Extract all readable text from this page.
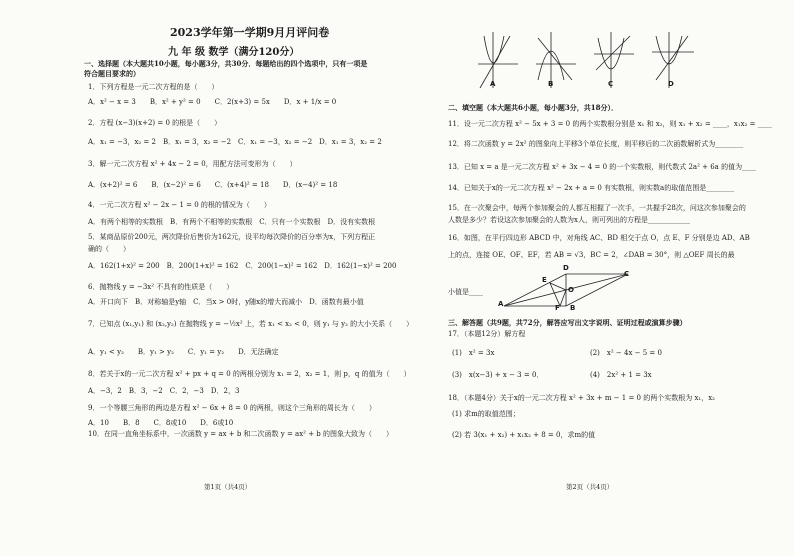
2023学年第一学期9月月评问卷
九 年 级 数学（满分120分）
一、选择题（本大题共10小题，每小题3分，共30分．每题给出的四个选项中，只有一项是
符合题目要求的）
1．下列方程是一元二次方程的是（　　）
A．x² − x = 3　　B．x² + y² = 0　　C．2(x+3) = 5x　　D．x + 1/x = 0
2．方程 (x−3)(x+2) = 0 的根是（　　）
A．x₁ = −3，x₂ = 2　B．x₁ = 3，x₂ = −2　C．x₁ = −3，x₂ = −2　D．x₁ = 3，x₂ = 2
3．解一元二次方程 x² + 4x − 2 = 0，用配方法可变形为（　　）
A．(x+2)² = 6　　B．(x−2)² = 6　　C．(x+4)² = 18　　D．(x−4)² = 18
4．一元二次方程 x² − 2x − 1 = 0 的根的情况为（　　）
A．有两个相等的实数根　B．有两个不相等的实数根　C．只有一个实数根　D．没有实数根
5．某商品原价200元，两次降价后售价为162元，设平均每次降价的百分率为x，下列方程正
确的（　　）
A．162(1+x)² = 200　B．200(1+x)² = 162　C．200(1−x)² = 162　D．162(1−x)² = 200
6．抛物线 y = −3x² 不具有的性质是（　　）
A．开口向下　B．对称轴是y轴　C．当x > 0时，y随x的增大而减小　D．函数有最小值
7．已知点 (x₁,y₁) 和 (x₂,y₂) 在抛物线 y = −½x² 上，若 x₁ < x₂ < 0，则 y₁ 与 y₂ 的大小关系（　　）
A．y₁ < y₂　　B．y₁ > y₂　　C．y₁ = y₂　　D．无法确定
8．若关于x的一元二次方程 x² + px + q = 0 的两根分别为 x₁ = 2，x₂ = 1，则 p，q 的值为（　　）
A．−3，2　B．3，−2　C．2，−3　D．2，3
9．一个等腰三角形的两边是方程 x² − 6x + 8 = 0 的两根，则这个三角形的周长为（　　）
A．10　　B．8　　C．8或10　　D．6或10
10．在同一直角坐标系中，一次函数 y = ax + b 和二次函数 y = ax² + b 的图象大致为（　　）
第1页（共4页）
A	B	C	D
二、填空题（本大题共6小题，每小题3分，共18分）．
11．设一元二次方程 x² − 5x + 3 = 0 的两个实数根分别是 x₁ 和 x₂，则 x₁ + x₂ = ____，x₁x₂ = ____
12．将二次函数 y = 2x² 的图象向上平移3个单位长度，则平移后的二次函数解析式为________
13．已知 x = a 是一元二次方程 x² + 3x − 4 = 0 的一个实数根，则代数式 2a² + 6a 的值为____
14．已知关于x的一元二次方程 x² − 2x + a = 0 有实数根，则实数a的取值范围是________
15．在一次聚会中，每两个参加聚会的人都互相握了一次手，一共握手28次，问这次参加聚会的
人数是多少？若设这次参加聚会的人数为x人，则可列出的方程是____________
16．如图，在平行四边形 ABCD 中，对角线 AC、BD 相交于点 O，点 E、F 分别是边 AD、AB
上的点，连接 OE、OF、EF，若 AB = √3，BC = 2，∠DAB = 30°，则 △OEF 周长的最
小值是____
D
C
E
O
A	F B
三、解答题（共9题，共72分，解答应写出文字说明、证明过程或演算步骤）
17．（本题12分）解方程
(1)　x² = 3x	(2)　x² − 4x − 5 = 0
(3)　x(x−3) + x − 3 = 0．	(4)　2x² + 1 = 3x
18．（本题4分）关于x的一元二次方程 x² + 3x + m − 1 = 0 的两个实数根为 x₁，x₂
(1) 求m的取值范围；
(2) 若 3(x₁ + x₂) + x₁x₂ + 8 = 0，求m的值
第2页（共4页）
